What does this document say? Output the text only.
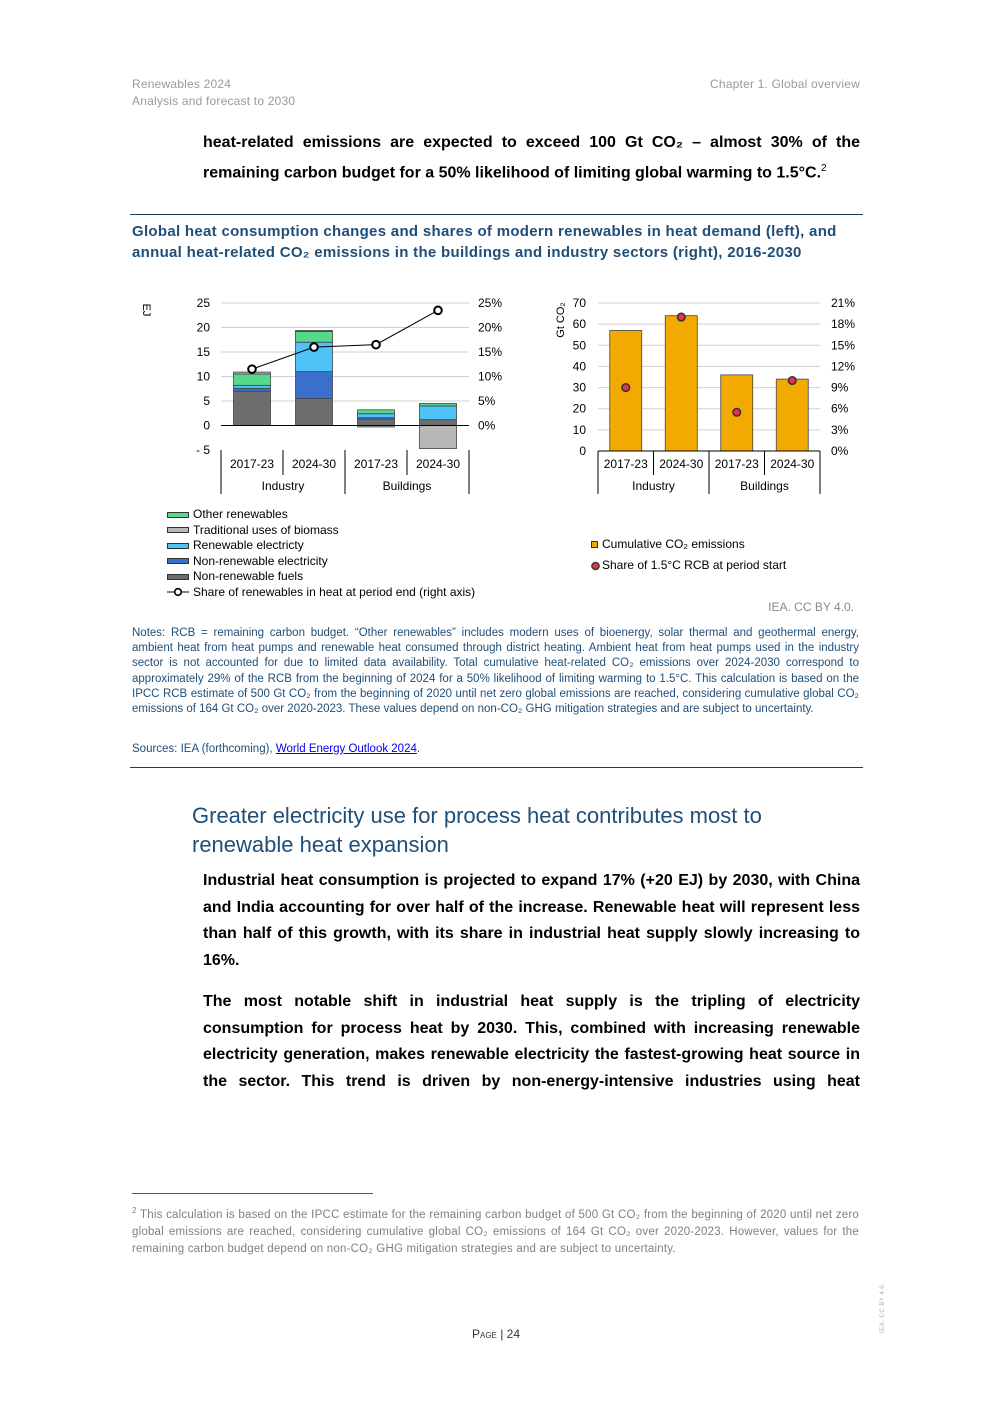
Renewables 2024
Analysis and forecast to 2030
Chapter 1. Global overview
heat-related emissions are expected to exceed 100 Gt CO₂ – almost 30% of the remaining carbon budget for a 50% likelihood of limiting global warming to 1.5°C.$^2$
Global heat consumption changes and shares of modern renewables in heat demand (left), and annual heat-related CO₂ emissions in the buildings and industry sectors (right), 2016-2030
25
20
15
10
5
0
- 5
25%
20%
15%
10%
5%
0%
EJ
2017-23 2024-30 2017-23 2024-30
Industry	Buildings
70
60
50
40
30
20
10
0
21%
18%
15%
12%
9%
6%
3%
0%
Gt CO₂
2017-23 2024-30 2017-23 2024-30
Industry	Buildings
Other renewables
Traditional uses of biomass
Renewable electricty
Non-renewable electricity
Non-renewable fuels
Share of renewables in heat at period end (right axis)
Cumulative CO₂ emissions
Share of 1.5°C RCB at period start
IEA. CC BY 4.0.
Notes: RCB = remaining carbon budget. “Other renewables” includes modern uses of bioenergy, solar thermal and geothermal energy, ambient heat from heat pumps and renewable heat consumed through district heating. Ambient heat from heat pumps used in the industry sector is not accounted for due to limited data availability. Total cumulative heat-related CO₂ emissions over 2024-2030 correspond to approximately 29% of the RCB from the beginning of 2024 for a 50% likelihood of limiting warming to 1.5°C. This calculation is based on the IPCC RCB estimate of 500 Gt CO₂ from the beginning of 2020 until net zero global emissions are reached, considering cumulative global CO₂ emissions of 164 Gt CO₂ over 2020-2023. These values depend on non-CO₂ GHG mitigation strategies and are subject to uncertainty.
Sources: IEA (forthcoming), World Energy Outlook 2024.
Greater electricity use for process heat contributes most to renewable heat expansion
Industrial heat consumption is projected to expand 17% (+20 EJ) by 2030, with China and India accounting for over half of the increase. Renewable heat will represent less than half of this growth, with its share in industrial heat supply slowly increasing to 16%.
The most notable shift in industrial heat supply is the tripling of electricity consumption for process heat by 2030. This, combined with increasing renewable electricity generation, makes renewable electricity the fastest-growing heat source in the sector. This trend is driven by non-energy-intensive industries using heat
$^2$ This calculation is based on the IPCC estimate for the remaining carbon budget of 500 Gt CO₂ from the beginning of 2020 until net zero global emissions are reached, considering cumulative global CO₂ emissions of 164 Gt CO₂ over 2020-2023. However, values for the remaining carbon budget depend on non-CO₂ GHG mitigation strategies and are subject to uncertainty.
Page | 24
IEA. CC BY 4.0.
